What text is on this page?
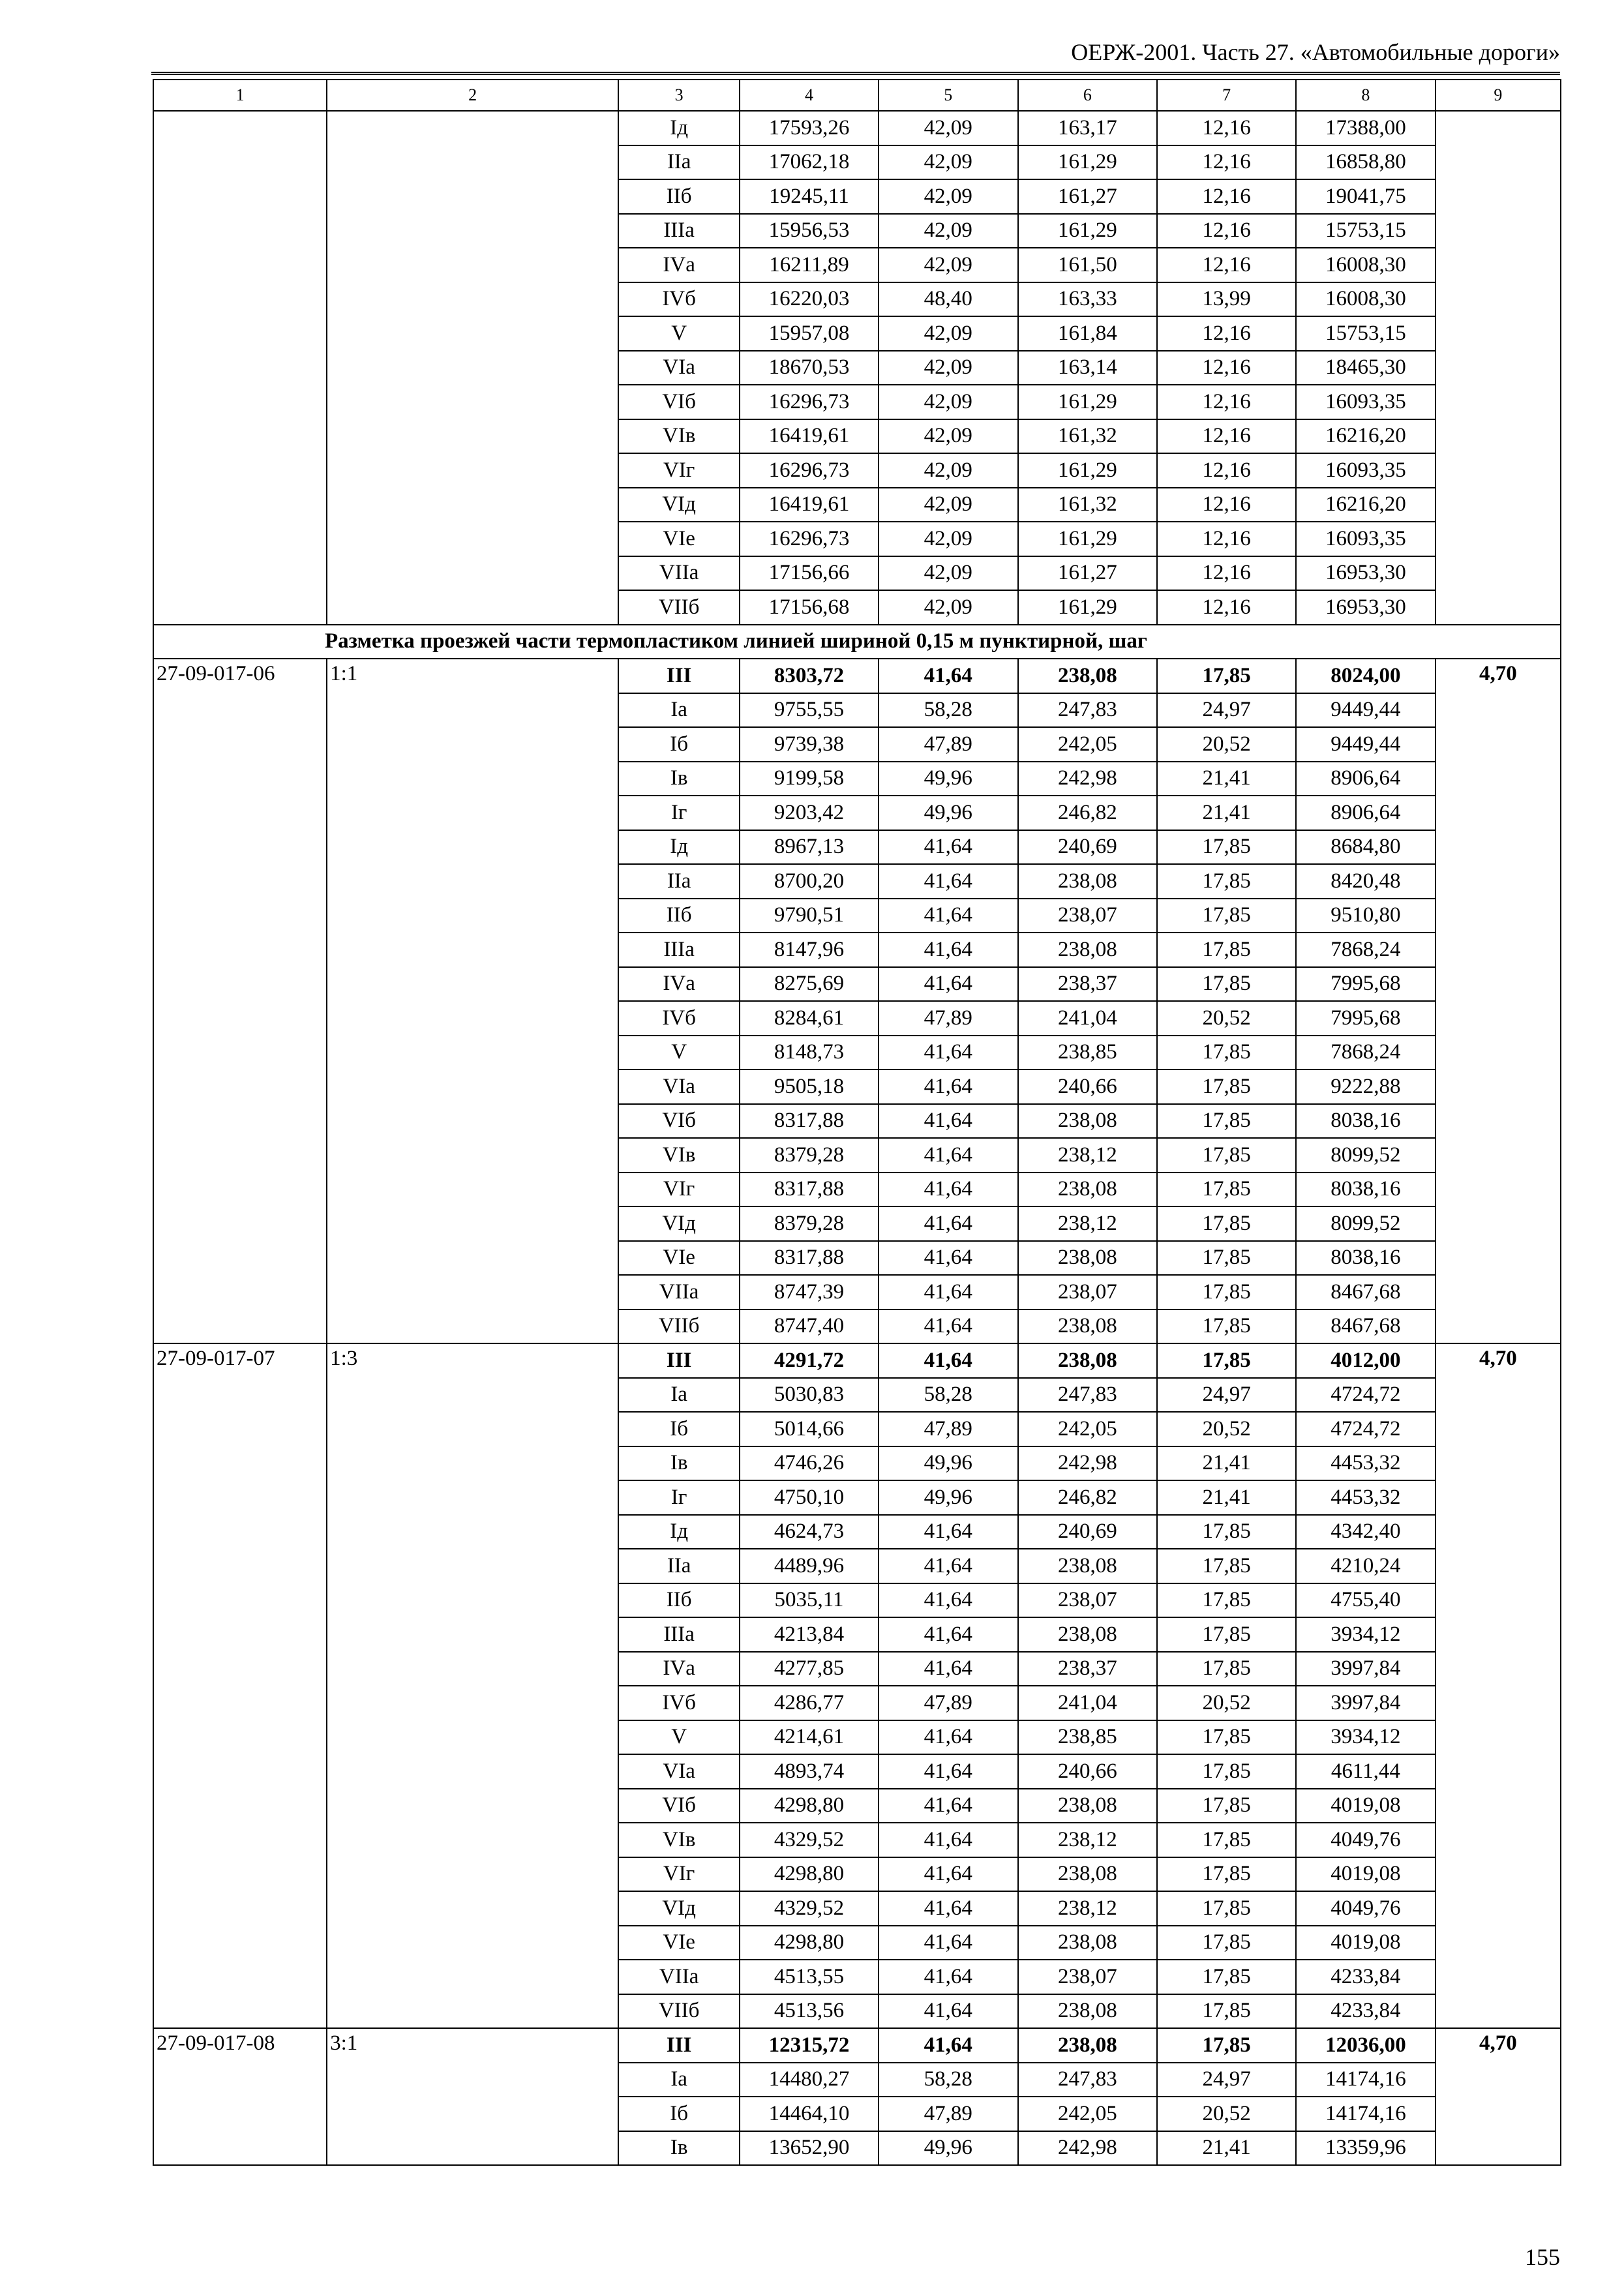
ОЕРЖ-2001. Часть 27. «Автомобильные дороги»
1	2	3	4	5	6	7	8	9
		Iд	17593,26	42,09	163,17	12,16	17388,00	
		IIа	17062,18	42,09	161,29	12,16	16858,80	
		IIб	19245,11	42,09	161,27	12,16	19041,75	
		IIIа	15956,53	42,09	161,29	12,16	15753,15	
		IVа	16211,89	42,09	161,50	12,16	16008,30	
		IVб	16220,03	48,40	163,33	13,99	16008,30	
		V	15957,08	42,09	161,84	12,16	15753,15	
		VIа	18670,53	42,09	163,14	12,16	18465,30	
		VIб	16296,73	42,09	161,29	12,16	16093,35	
		VIв	16419,61	42,09	161,32	12,16	16216,20	
		VIг	16296,73	42,09	161,29	12,16	16093,35	
		VIд	16419,61	42,09	161,32	12,16	16216,20	
		VIе	16296,73	42,09	161,29	12,16	16093,35	
		VIIа	17156,66	42,09	161,27	12,16	16953,30	
		VIIб	17156,68	42,09	161,29	12,16	16953,30	
Разметка проезжей части термопластиком линией шириной 0,15 м пунктирной, шаг								
27-09-017-06	1:1	III	8303,72	41,64	238,08	17,85	8024,00	4,70
		Iа	9755,55	58,28	247,83	24,97	9449,44	
		Iб	9739,38	47,89	242,05	20,52	9449,44	
		Iв	9199,58	49,96	242,98	21,41	8906,64	
		Iг	9203,42	49,96	246,82	21,41	8906,64	
		Iд	8967,13	41,64	240,69	17,85	8684,80	
		IIа	8700,20	41,64	238,08	17,85	8420,48	
		IIб	9790,51	41,64	238,07	17,85	9510,80	
		IIIа	8147,96	41,64	238,08	17,85	7868,24	
		IVа	8275,69	41,64	238,37	17,85	7995,68	
		IVб	8284,61	47,89	241,04	20,52	7995,68	
		V	8148,73	41,64	238,85	17,85	7868,24	
		VIа	9505,18	41,64	240,66	17,85	9222,88	
		VIб	8317,88	41,64	238,08	17,85	8038,16	
		VIв	8379,28	41,64	238,12	17,85	8099,52	
		VIг	8317,88	41,64	238,08	17,85	8038,16	
		VIд	8379,28	41,64	238,12	17,85	8099,52	
		VIе	8317,88	41,64	238,08	17,85	8038,16	
		VIIа	8747,39	41,64	238,07	17,85	8467,68	
		VIIб	8747,40	41,64	238,08	17,85	8467,68	
27-09-017-07	1:3	III	4291,72	41,64	238,08	17,85	4012,00	4,70
		Iа	5030,83	58,28	247,83	24,97	4724,72	
		Iб	5014,66	47,89	242,05	20,52	4724,72	
		Iв	4746,26	49,96	242,98	21,41	4453,32	
		Iг	4750,10	49,96	246,82	21,41	4453,32	
		Iд	4624,73	41,64	240,69	17,85	4342,40	
		IIа	4489,96	41,64	238,08	17,85	4210,24	
		IIб	5035,11	41,64	238,07	17,85	4755,40	
		IIIа	4213,84	41,64	238,08	17,85	3934,12	
		IVа	4277,85	41,64	238,37	17,85	3997,84	
		IVб	4286,77	47,89	241,04	20,52	3997,84	
		V	4214,61	41,64	238,85	17,85	3934,12	
		VIа	4893,74	41,64	240,66	17,85	4611,44	
		VIб	4298,80	41,64	238,08	17,85	4019,08	
		VIв	4329,52	41,64	238,12	17,85	4049,76	
		VIг	4298,80	41,64	238,08	17,85	4019,08	
		VIд	4329,52	41,64	238,12	17,85	4049,76	
		VIе	4298,80	41,64	238,08	17,85	4019,08	
		VIIа	4513,55	41,64	238,07	17,85	4233,84	
		VIIб	4513,56	41,64	238,08	17,85	4233,84	
27-09-017-08	3:1	III	12315,72	41,64	238,08	17,85	12036,00	4,70
		Iа	14480,27	58,28	247,83	24,97	14174,16	
		Iб	14464,10	47,89	242,05	20,52	14174,16	
		Iв	13652,90	49,96	242,98	21,41	13359,96	
155
